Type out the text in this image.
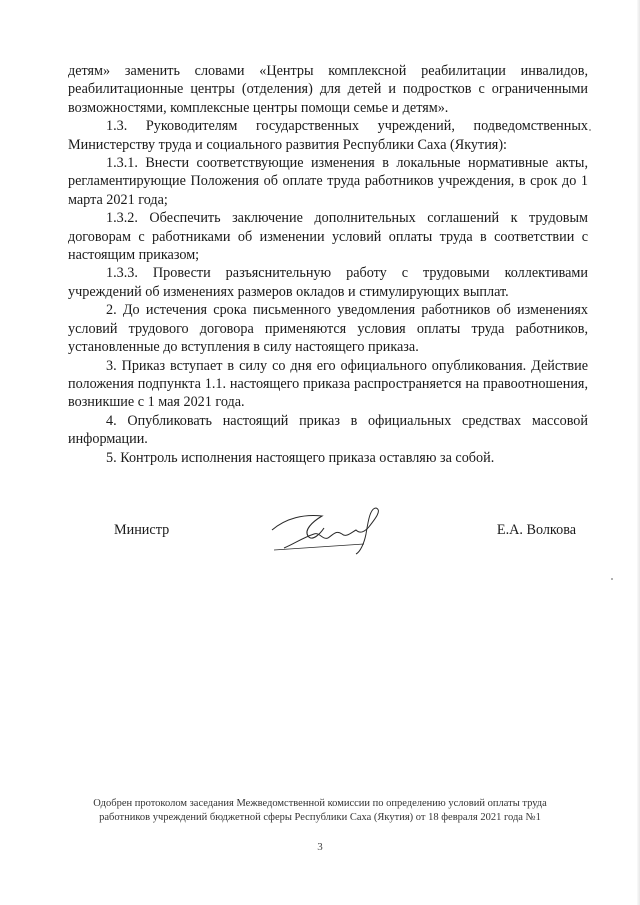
детям» заменить словами «Центры комплексной реабилитации инвалидов, реабилитационные центры (отделения) для детей и подростков с ограниченными возможностями, комплексные центры помощи семье и детям».

1.3. Руководителям государственных учреждений, подведомственных Министерству труда и социального развития Республики Саха (Якутия):

1.3.1. Внести соответствующие изменения в локальные нормативные акты, регламентирующие Положения об оплате труда работников учреждения, в срок до 1 марта 2021 года;

1.3.2. Обеспечить заключение дополнительных соглашений к трудовым договорам с работниками об изменении условий оплаты труда в соответствии с настоящим приказом;

1.3.3. Провести разъяснительную работу с трудовыми коллективами учреждений об изменениях размеров окладов и стимулирующих выплат.

2. До истечения срока письменного уведомления работников об изменениях условий трудового договора применяются условия оплаты труда работников, установленные до вступления в силу настоящего приказа.

3. Приказ вступает в силу со дня его официального опубликования. Действие положения подпункта 1.1. настоящего приказа распространяется на правоотношения, возникшие с 1 мая 2021 года.

4. Опубликовать настоящий приказ в официальных средствах массовой информации.

5. Контроль исполнения настоящего приказа оставляю за собой.

Министр	Е.А. Волкова
Одобрен протоколом заседания Межведомственной комиссии по определению условий оплаты труда работников учреждений бюджетной сферы Республики Саха (Якутия) от 18 февраля 2021 года №1
3
